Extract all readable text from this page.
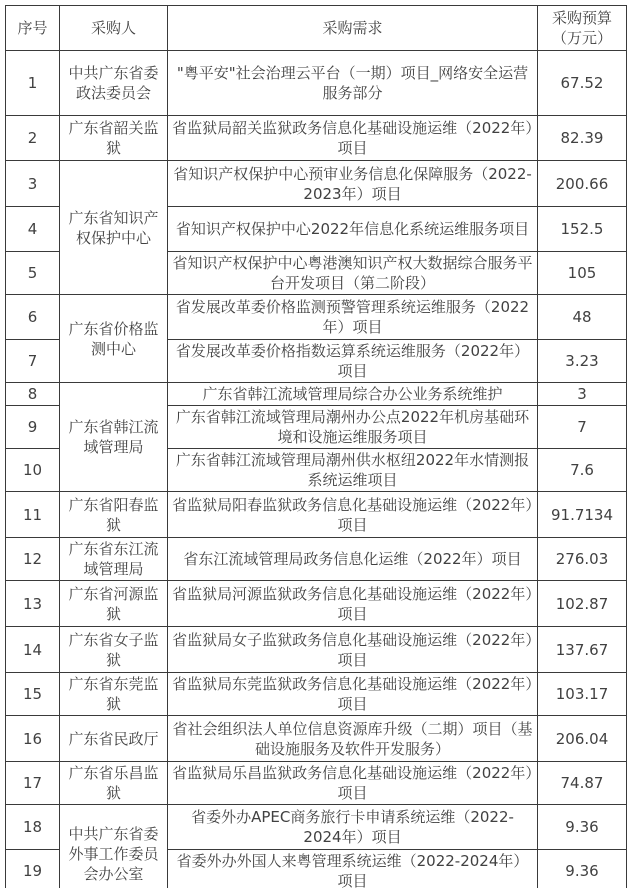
序号	采购人	采购需求	采购预算（万元）
1	中共广东省委政法委员会	"粤平安"社会治理云平台（一期）项目_网络安全运营服务部分	67.52
2	广东省韶关监狱	省监狱局韶关监狱政务信息化基础设施运维（2022年）项目	82.39
3	广东省知识产权保护中心	省知识产权保护中心预审业务信息化保障服务（2022-2023年）项目	200.66
4		省知识产权保护中心2022年信息化系统运维服务项目	152.5
5		省知识产权保护中心粤港澳知识产权大数据综合服务平台开发项目（第二阶段）	105
6	广东省价格监测中心	省发展改革委价格监测预警管理系统运维服务（2022年）项目	48
7		省发展改革委价格指数运算系统运维服务（2022年）项目	3.23
8	广东省韩江流域管理局	广东省韩江流域管理局综合办公业务系统维护	3
9		广东省韩江流域管理局潮州办公点2022年机房基础环境和设施运维服务项目	7
10		广东省韩江流域管理局潮州供水枢纽2022年水情测报系统运维项目	7.6
11	广东省阳春监狱	省监狱局阳春监狱政务信息化基础设施运维（2022年）项目	91.7134
12	广东省东江流域管理局	省东江流域管理局政务信息化运维（2022年）项目	276.03
13	广东省河源监狱	省监狱局河源监狱政务信息化基础设施运维（2022年）项目	102.87
14	广东省女子监狱	省监狱局女子监狱政务信息化基础设施运维（2022年）项目	137.67
15	广东省东莞监狱	省监狱局东莞监狱政务信息化基础设施运维（2022年）项目	103.17
16	广东省民政厅	省社会组织法人单位信息资源库升级（二期）项目（基础设施服务及软件开发服务）	206.04
17	广东省乐昌监狱	省监狱局乐昌监狱政务信息化基础设施运维（2022年）项目	74.87
18	中共广东省委外事工作委员会办公室	省委外办APEC商务旅行卡申请系统运维（2022-2024年）项目	9.36
19		省委外办外国人来粤管理系统运维（2022-2024年）项目	9.36
